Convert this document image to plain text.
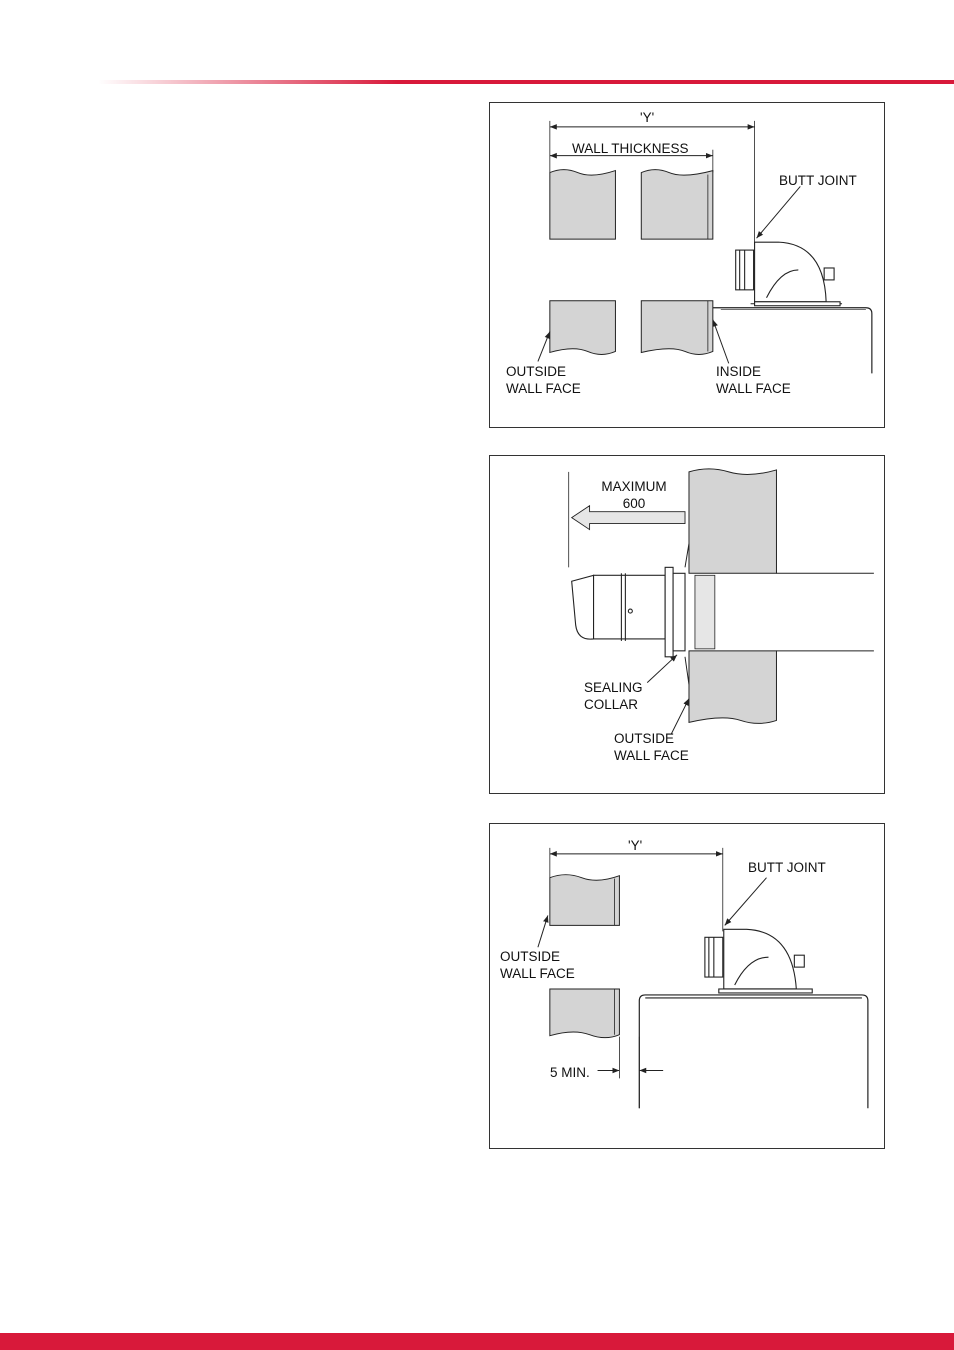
'Y'
WALL THICKNESS
BUTT JOINT
OUTSIDE
WALL FACE
INSIDE
WALL FACE
MAXIMUM
600
SEALING
COLLAR
OUTSIDE
WALL FACE
'Y'
BUTT JOINT
OUTSIDE
WALL FACE
5 MIN.
